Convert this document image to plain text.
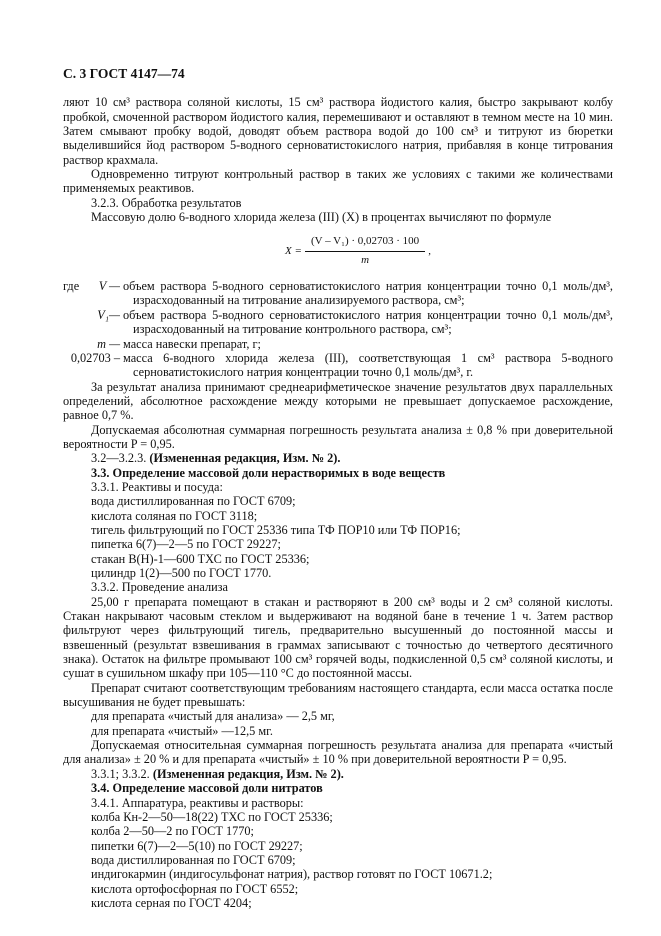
С. 3 ГОСТ 4147—74

ляют 10 см³ раствора соляной кислоты, 15 см³ раствора йодистого калия, быстро закрывают колбу пробкой, смоченной раствором йодистого калия, перемешивают и оставляют в темном месте на 10 мин. Затем смывают пробку водой, доводят объем раствора водой до 100 см³ и титруют из бюретки выделившийся йод раствором 5-водного серноватистокислого натрия, прибавляя в конце титрования раствор крахмала.

Одновременно титруют контрольный раствор в таких же условиях с такими же количествами применяемых реактивов.

3.2.3. Обработка результатов

Массовую долю 6-водного хлорида железа (III) (X) в процентах вычисляют по формуле

$X = \frac{\text{(V – V₁) · 0,02703 · 100}}{m}$ ,
где	V — объем раствора 5-водного серноватистокислого натрия концентрации точно 0,1 моль/дм³, израсходованный на титрование анализируемого раствора, см³;
V₁— объем раствора 5-водного серноватистокислого натрия концентрации точно 0,1 моль/дм³, израсходованный на титрование контрольного раствора, см³;
m — масса навески препарат, г;
0,02703 – масса 6-водного хлорида железа (III), соответствующая 1 см³ раствора 5-водного серноватистокислого натрия концентрации точно 0,1 моль/дм³, г.

За результат анализа принимают среднеарифметическое значение результатов двух параллельных определений, абсолютное расхождение между которыми не превышает допускаемое расхождение, равное 0,7 %.

Допускаемая абсолютная суммарная погрешность результата анализа ± 0,8 % при доверительной вероятности P = 0,95.

3.2—3.2.3. (Измененная редакция, Изм. № 2).

3.3. Определение массовой доли нерастворимых в воде веществ

3.3.1. Реактивы и посуда:

вода дистиллированная по ГОСТ 6709;

кислота соляная по ГОСТ 3118;

тигель фильтрующий по ГОСТ 25336 типа ТФ ПОР10 или ТФ ПОР16;

пипетка 6(7)—2—5 по ГОСТ 29227;

стакан В(Н)-1—600 ТХС по ГОСТ 25336;

цилиндр 1(2)—500 по ГОСТ 1770.

3.3.2. Проведение анализа

25,00 г препарата помещают в стакан и растворяют в 200 см³ воды и 2 см³ соляной кислоты. Стакан накрывают часовым стеклом и выдерживают на водяной бане в течение 1 ч. Затем раствор фильтруют через фильтрующий тигель, предварительно высушенный до постоянной массы и взвешенный (результат взвешивания в граммах записывают с точностью до четвертого десятичного знака). Остаток на фильтре промывают 100 см³ горячей воды, подкисленной 0,5 см³ соляной кислоты, и сушат в сушильном шкафу при 105—110 °С до постоянной массы.

Препарат считают соответствующим требованиям настоящего стандарта, если масса остатка после высушивания не будет превышать:

для препарата «чистый для анализа» — 2,5 мг,

для препарата «чистый» —12,5 мг.

Допускаемая относительная суммарная погрешность результата анализа для препарата «чистый для анализа» ± 20 % и для препарата «чистый» ± 10 % при доверительной вероятности P = 0,95.

3.3.1; 3.3.2. (Измененная редакция, Изм. № 2).

3.4. Определение массовой доли нитратов

3.4.1. Аппаратура, реактивы и растворы:

колба Кн-2—50—18(22) ТХС по ГОСТ 25336;

колба 2—50—2 по ГОСТ 1770;

пипетки 6(7)—2—5(10) по ГОСТ 29227;

вода дистиллированная по ГОСТ 6709;

индигокармин (индигосульфонат натрия), раствор готовят по ГОСТ 10671.2;

кислота ортофосфорная по ГОСТ 6552;

кислота серная по ГОСТ 4204;
